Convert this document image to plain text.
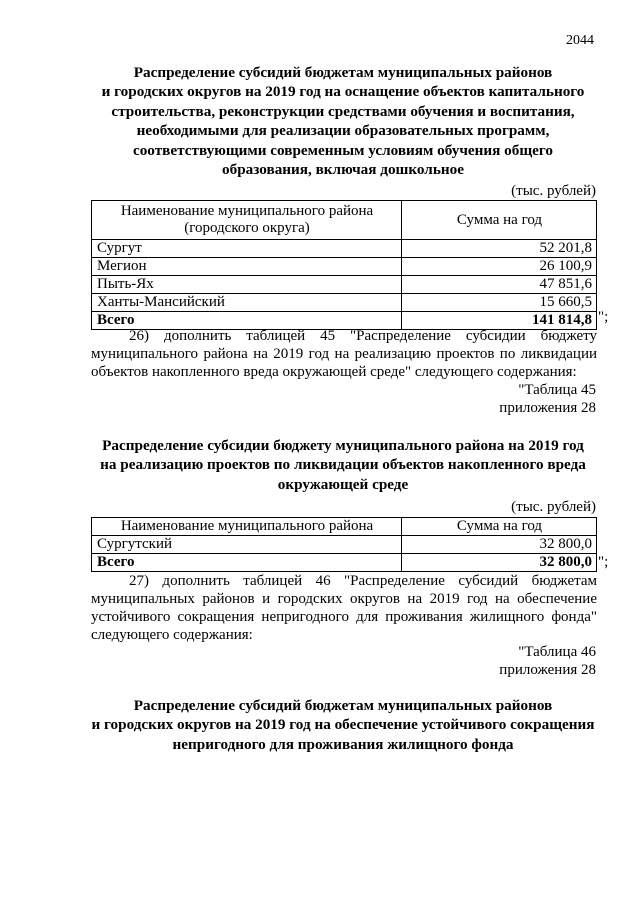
2044
Распределение субсидий бюджетам муниципальных районов
и городских округов на 2019 год на оснащение объектов капитального
строительства, реконструкции средствами обучения и воспитания,
необходимыми для реализации образовательных программ,
соответствующими современным условиям обучения общего
образования, включая дошкольное
(тыс. рублей)
Наименование муниципального района
(городского округа)	Сумма на год
Сургут	52 201,8
Мегион	26 100,9
Пыть-Ях	47 851,6
Ханты-Мансийский	15 660,5
Всего	141 814,8 ";
26) дополнить таблицей 45 "Распределение субсидии бюджету
муниципального района на 2019 год на реализацию проектов по ликвидации
объектов накопленного вреда окружающей среде" следующего содержания:
"Таблица 45
приложения 28
Распределение субсидии бюджету муниципального района на 2019 год
на реализацию проектов по ликвидации объектов накопленного вреда
окружающей среде
(тыс. рублей)
Наименование муниципального района	Сумма на год
Сургутский	32 800,0
Всего	32 800,0 ";
27) дополнить таблицей 46 "Распределение субсидий бюджетам
муниципальных районов и городских округов на 2019 год на обеспечение
устойчивого сокращения непригодного для проживания жилищного фонда"
следующего содержания:
"Таблица 46
приложения 28
Распределение субсидий бюджетам муниципальных районов
и городских округов на 2019 год на обеспечение устойчивого сокращения
непригодного для проживания жилищного фонда
